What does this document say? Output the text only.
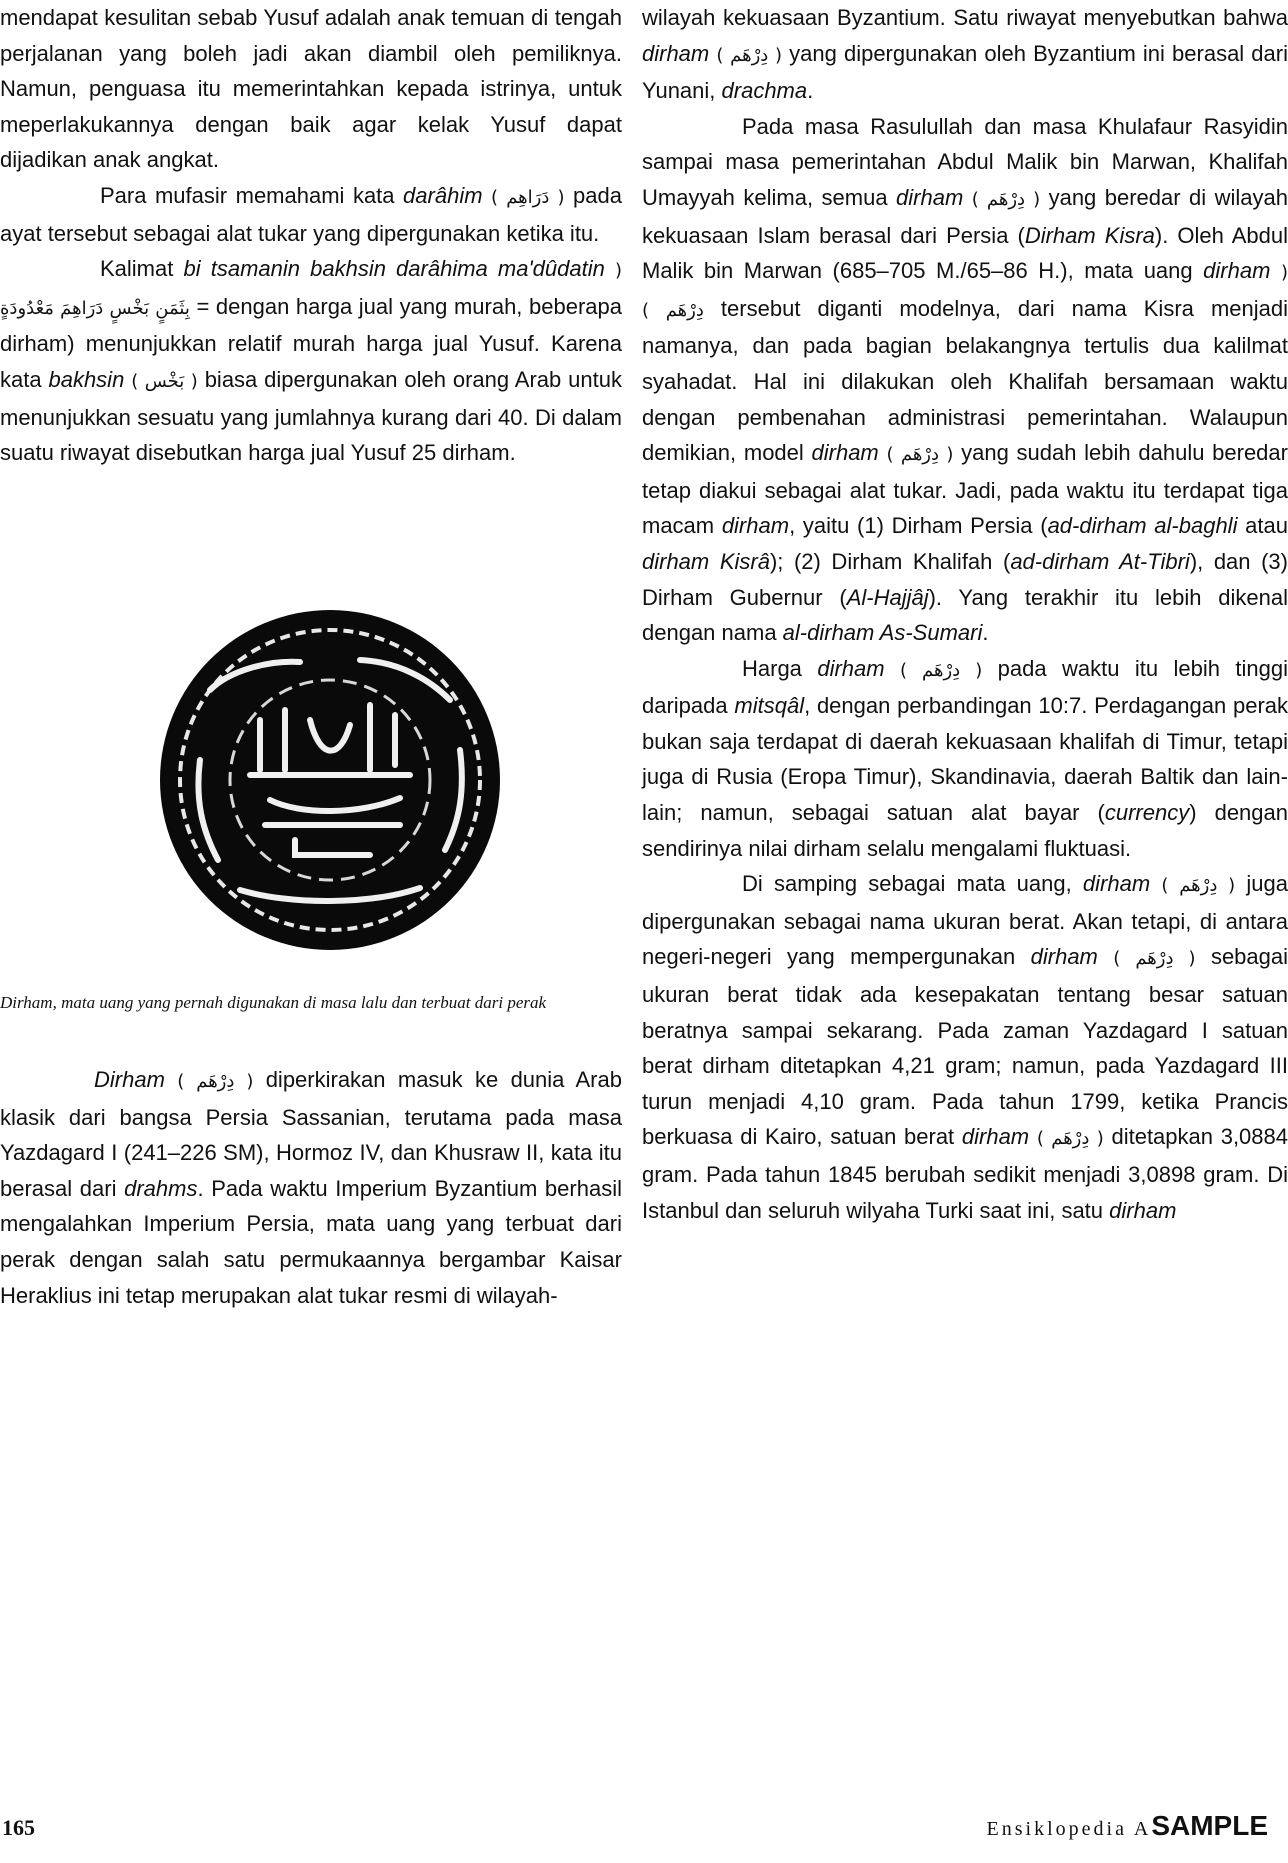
mendapat kesulitan sebab Yusuf adalah anak temuan di tengah perjalanan yang boleh jadi akan diambil oleh pemiliknya. Namun, penguasa itu memerintahkan kepada istrinya, untuk meperlakukannya dengan baik agar kelak Yusuf dapat dijadikan anak angkat.

Para mufasir memahami kata darâhim ( دَرَاهِم ) pada ayat tersebut sebagai alat tukar yang dipergunakan ketika itu.

Kalimat bi tsamanin bakhsin darâhima ma'dûdatin ( بِثَمَنٍ بَخْسٍ دَرَاهِمَ مَعْدُودَةٍ = dengan harga jual yang murah, beberapa dirham) menunjukkan relatif murah harga jual Yusuf. Karena kata bakhsin ( بَخْس ) biasa dipergunakan oleh orang Arab untuk menunjukkan sesuatu yang jumlahnya kurang dari 40. Di dalam suatu riwayat disebutkan harga jual Yusuf 25 dirham.

Dirham, mata uang yang pernah digunakan di masa lalu dan terbuat dari perak

Dirham ( دِرْهَم ) diperkirakan masuk ke dunia Arab klasik dari bangsa Persia Sassanian, terutama pada masa Yazdagard I (241–226 SM), Hormoz IV, dan Khusraw II, kata itu berasal dari drahms. Pada waktu Imperium Byzantium berhasil mengalahkan Imperium Persia, mata uang yang terbuat dari perak dengan salah satu permukaannya bergambar Kaisar Heraklius ini tetap merupakan alat tukar resmi di wilayah-

wilayah kekuasaan Byzantium. Satu riwayat menyebutkan bahwa dirham ( دِرْهَم ) yang dipergunakan oleh Byzantium ini berasal dari Yunani, drachma.

Pada masa Rasulullah dan masa Khulafaur Rasyidin sampai masa pemerintahan Abdul Malik bin Marwan, Khalifah Umayyah kelima, semua dirham ( دِرْهَم ) yang beredar di wilayah kekuasaan Islam berasal dari Persia (Dirham Kisra). Oleh Abdul Malik bin Marwan (685–705 M./65–86 H.), mata uang dirham ( دِرْهَم ) tersebut diganti modelnya, dari nama Kisra menjadi namanya, dan pada bagian belakangnya tertulis dua kalilmat syahadat. Hal ini dilakukan oleh Khalifah bersamaan waktu dengan pembenahan administrasi pemerintahan. Walaupun demikian, model dirham ( دِرْهَم ) yang sudah lebih dahulu beredar tetap diakui sebagai alat tukar. Jadi, pada waktu itu terdapat tiga macam dirham, yaitu (1) Dirham Persia (ad-dirham al-baghli atau dirham Kisrâ); (2) Dirham Khalifah (ad-dirham At-Tibri), dan (3) Dirham Gubernur (Al-Hajjâj). Yang terakhir itu lebih dikenal dengan nama al-dirham As-Sumari.

Harga dirham ( دِرْهَم ) pada waktu itu lebih tinggi daripada mitsqâl, dengan perbandingan 10:7. Perdagangan perak bukan saja terdapat di daerah kekuasaan khalifah di Timur, tetapi juga di Rusia (Eropa Timur), Skandinavia, daerah Baltik dan lain-lain; namun, sebagai satuan alat bayar (currency) dengan sendirinya nilai dirham selalu mengalami fluktuasi.

Di samping sebagai mata uang, dirham ( دِرْهَم ) juga dipergunakan sebagai nama ukuran berat. Akan tetapi, di antara negeri-negeri yang mempergunakan dirham ( دِرْهَم ) sebagai ukuran berat tidak ada kesepakatan tentang besar satuan beratnya sampai sekarang. Pada zaman Yazdagard I satuan berat dirham ditetapkan 4,21 gram; namun, pada Yazdagard III turun menjadi 4,10 gram. Pada tahun 1799, ketika Prancis berkuasa di Kairo, satuan berat dirham ( دِرْهَم ) ditetapkan 3,0884 gram. Pada tahun 1845 berubah sedikit menjadi 3,0898 gram. Di Istanbul dan seluruh wilyaha Turki saat ini, satu dirham

165	Ensiklopedia ASAMPLE
